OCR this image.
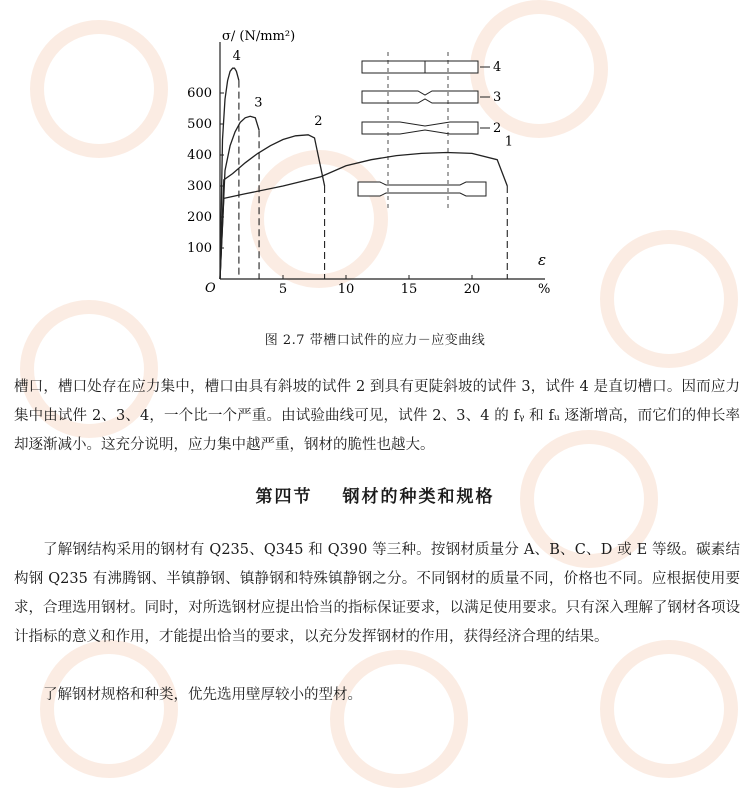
5	10	15	20
100
200
300
400
500
600
1
2
3
4
4
3
2
σ/ (N/mm²)
ε
%
O
图 2.7 带槽口试件的应力－应变曲线
槽口，槽口处存在应力集中，槽口由具有斜坡的试件 2 到具有更陡斜坡的试件 3，试件 4 是直切槽口。因而应力集中由试件 2、3、4，一个比一个严重。由试验曲线可见，试件 2、3、4 的 fᵧ 和 fᵤ 逐渐增高，而它们的伸长率却逐渐减小。这充分说明，应力集中越严重，钢材的脆性也越大。
第四节 钢材的种类和规格
了解钢结构采用的钢材有 Q235、Q345 和 Q390 等三种。按钢材质量分 A、B、C、D 或 E 等级。碳素结构钢 Q235 有沸腾钢、半镇静钢、镇静钢和特殊镇静钢之分。不同钢材的质量不同，价格也不同。应根据使用要求，合理选用钢材。同时，对所选钢材应提出恰当的指标保证要求，以满足使用要求。只有深入理解了钢材各项设计指标的意义和作用，才能提出恰当的要求，以充分发挥钢材的作用，获得经济合理的结果。
了解钢材规格和种类，优先选用壁厚较小的型材。
